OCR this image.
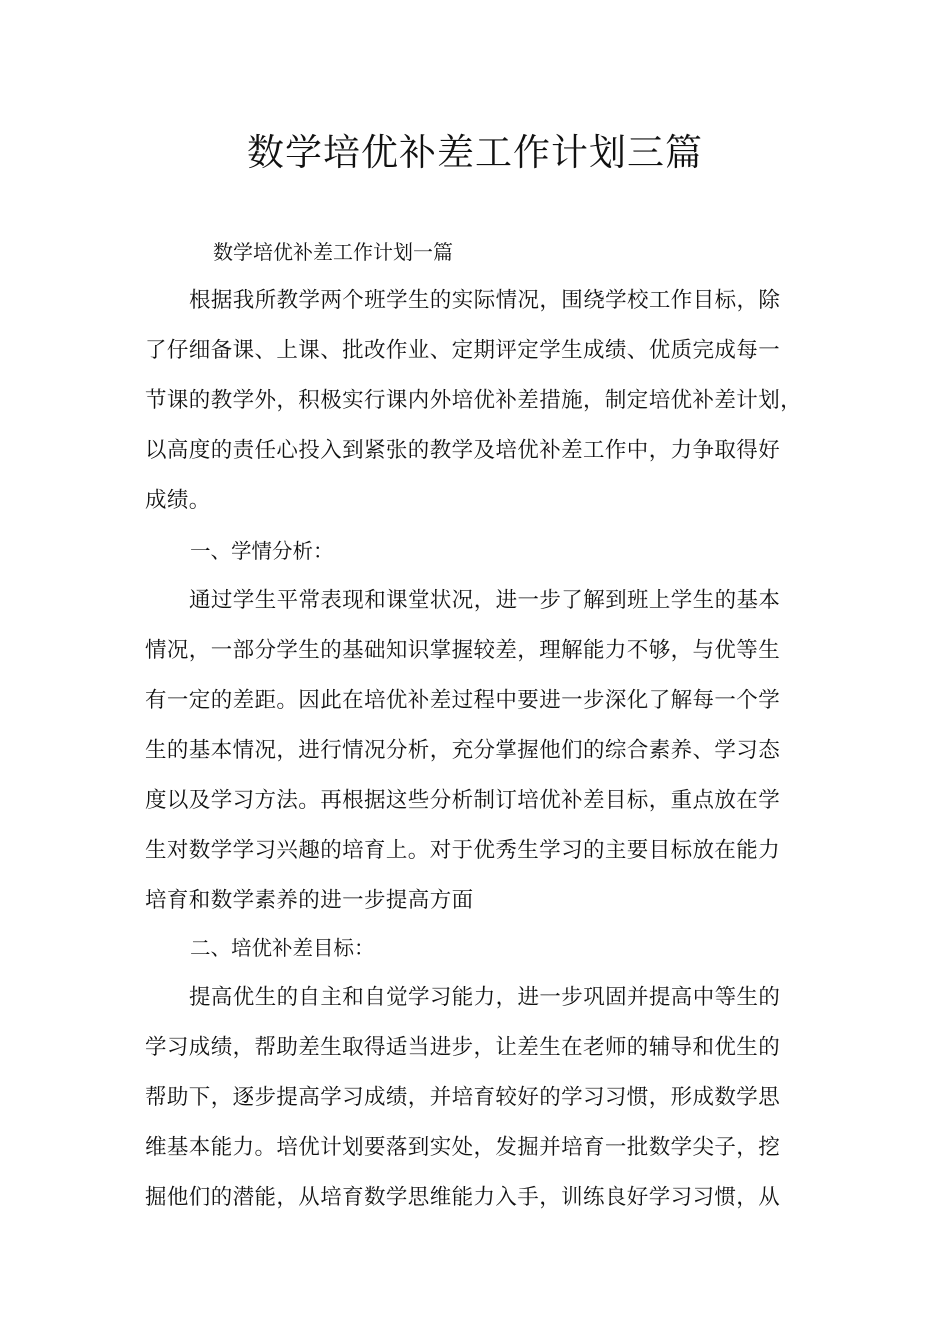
数学培优补差工作计划三篇
数学培优补差工作计划一篇
根据我所教学两个班学生的实际情况，围绕学校工作目标，除
了仔细备课、上课、批改作业、定期评定学生成绩、优质完成每一
节课的教学外，积极实行课内外培优补差措施，制定培优补差计划，
以高度的责任心投入到紧张的教学及培优补差工作中，力争取得好
成绩。
一、学情分析：
通过学生平常表现和课堂状况，进一步了解到班上学生的基本
情况，一部分学生的基础知识掌握较差，理解能力不够，与优等生
有一定的差距。因此在培优补差过程中要进一步深化了解每一个学
生的基本情况，进行情况分析，充分掌握他们的综合素养、学习态
度以及学习方法。再根据这些分析制订培优补差目标，重点放在学
生对数学学习兴趣的培育上。对于优秀生学习的主要目标放在能力
培育和数学素养的进一步提高方面
二、培优补差目标：
提高优生的自主和自觉学习能力，进一步巩固并提高中等生的
学习成绩，帮助差生取得适当进步，让差生在老师的辅导和优生的
帮助下，逐步提高学习成绩，并培育较好的学习习惯，形成数学思
维基本能力。培优计划要落到实处，发掘并培育一批数学尖子，挖
掘他们的潜能，从培育数学思维能力入手，训练良好学习习惯，从
